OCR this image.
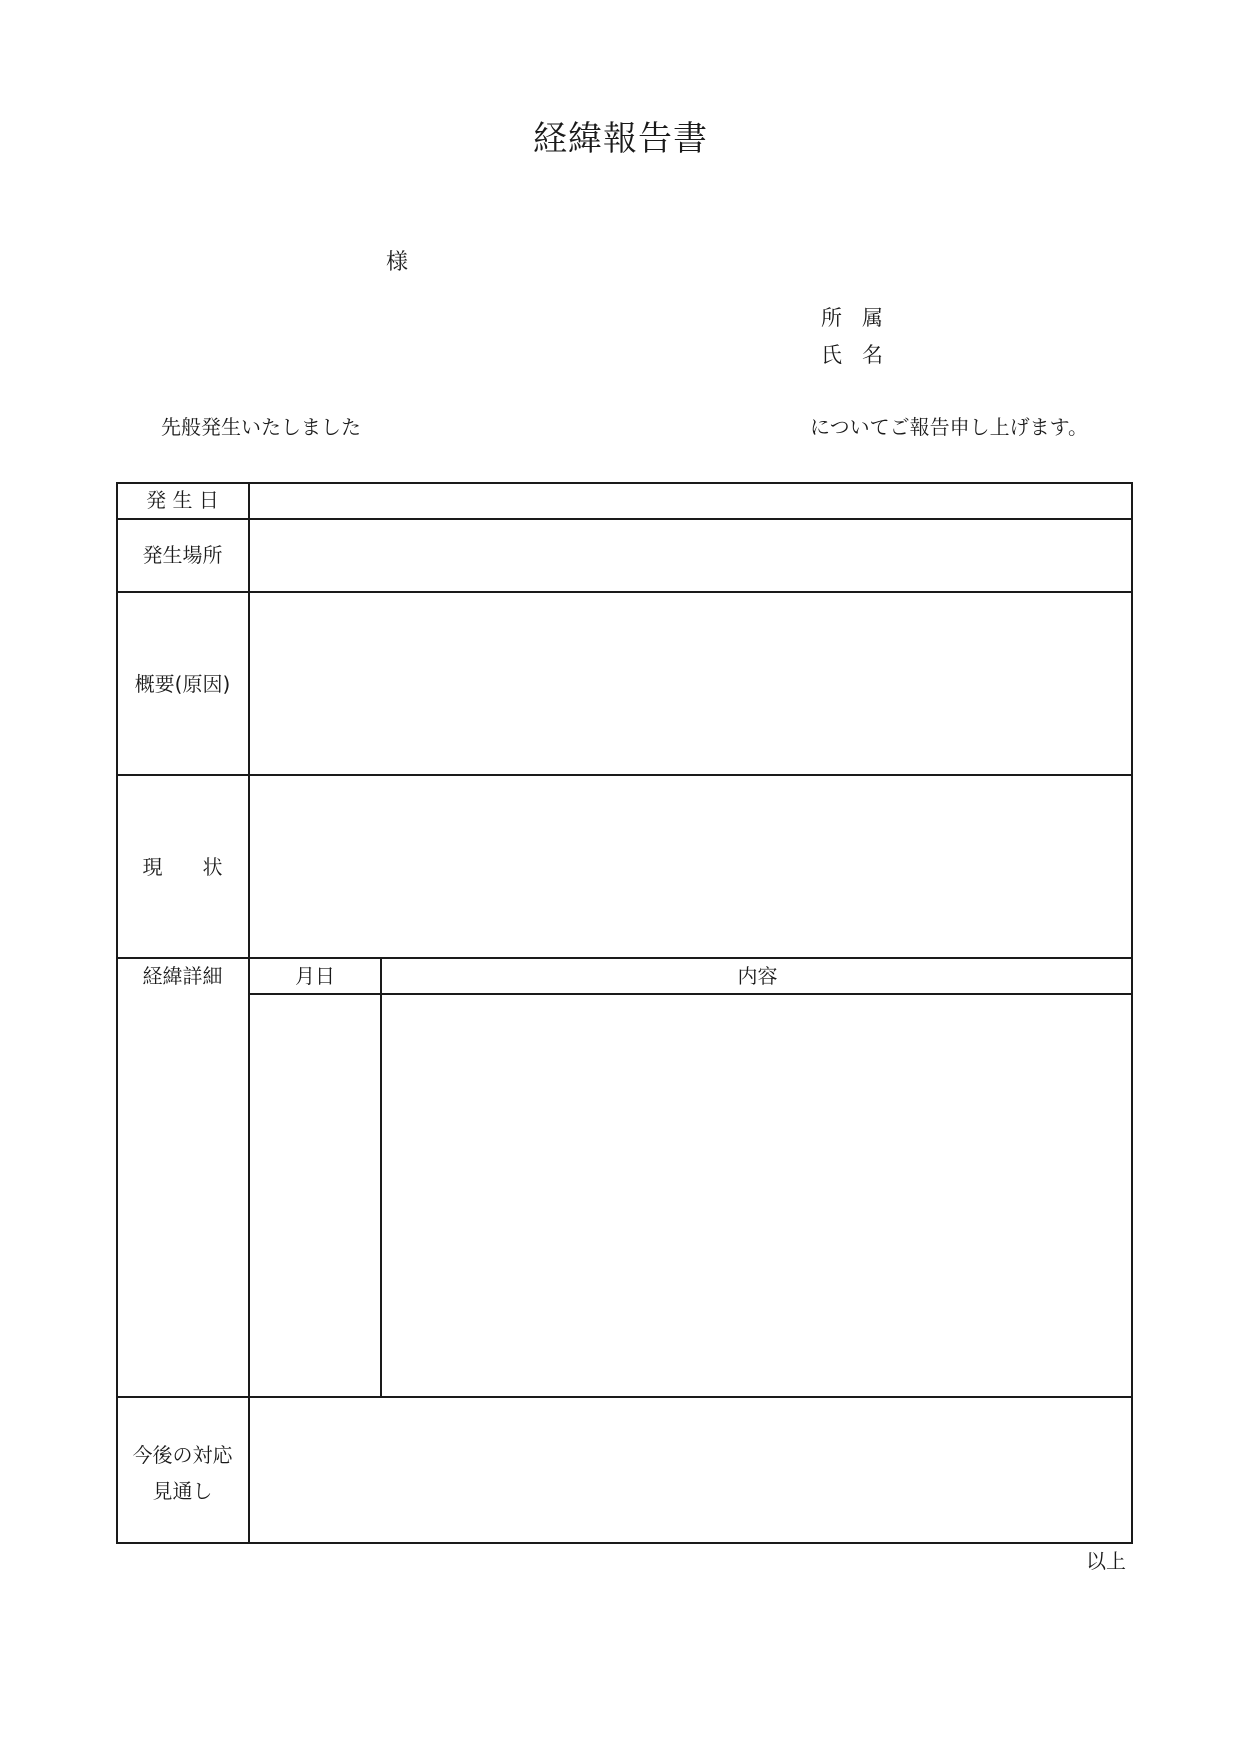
経緯報告書
様
所 属
氏 名
先般発生いたしました	についてご報告申し上げます。
発 生 日
発生場所
概要(原因)
現　　状
経緯詳細
今後の対応
見通し
月日	内容
以上
